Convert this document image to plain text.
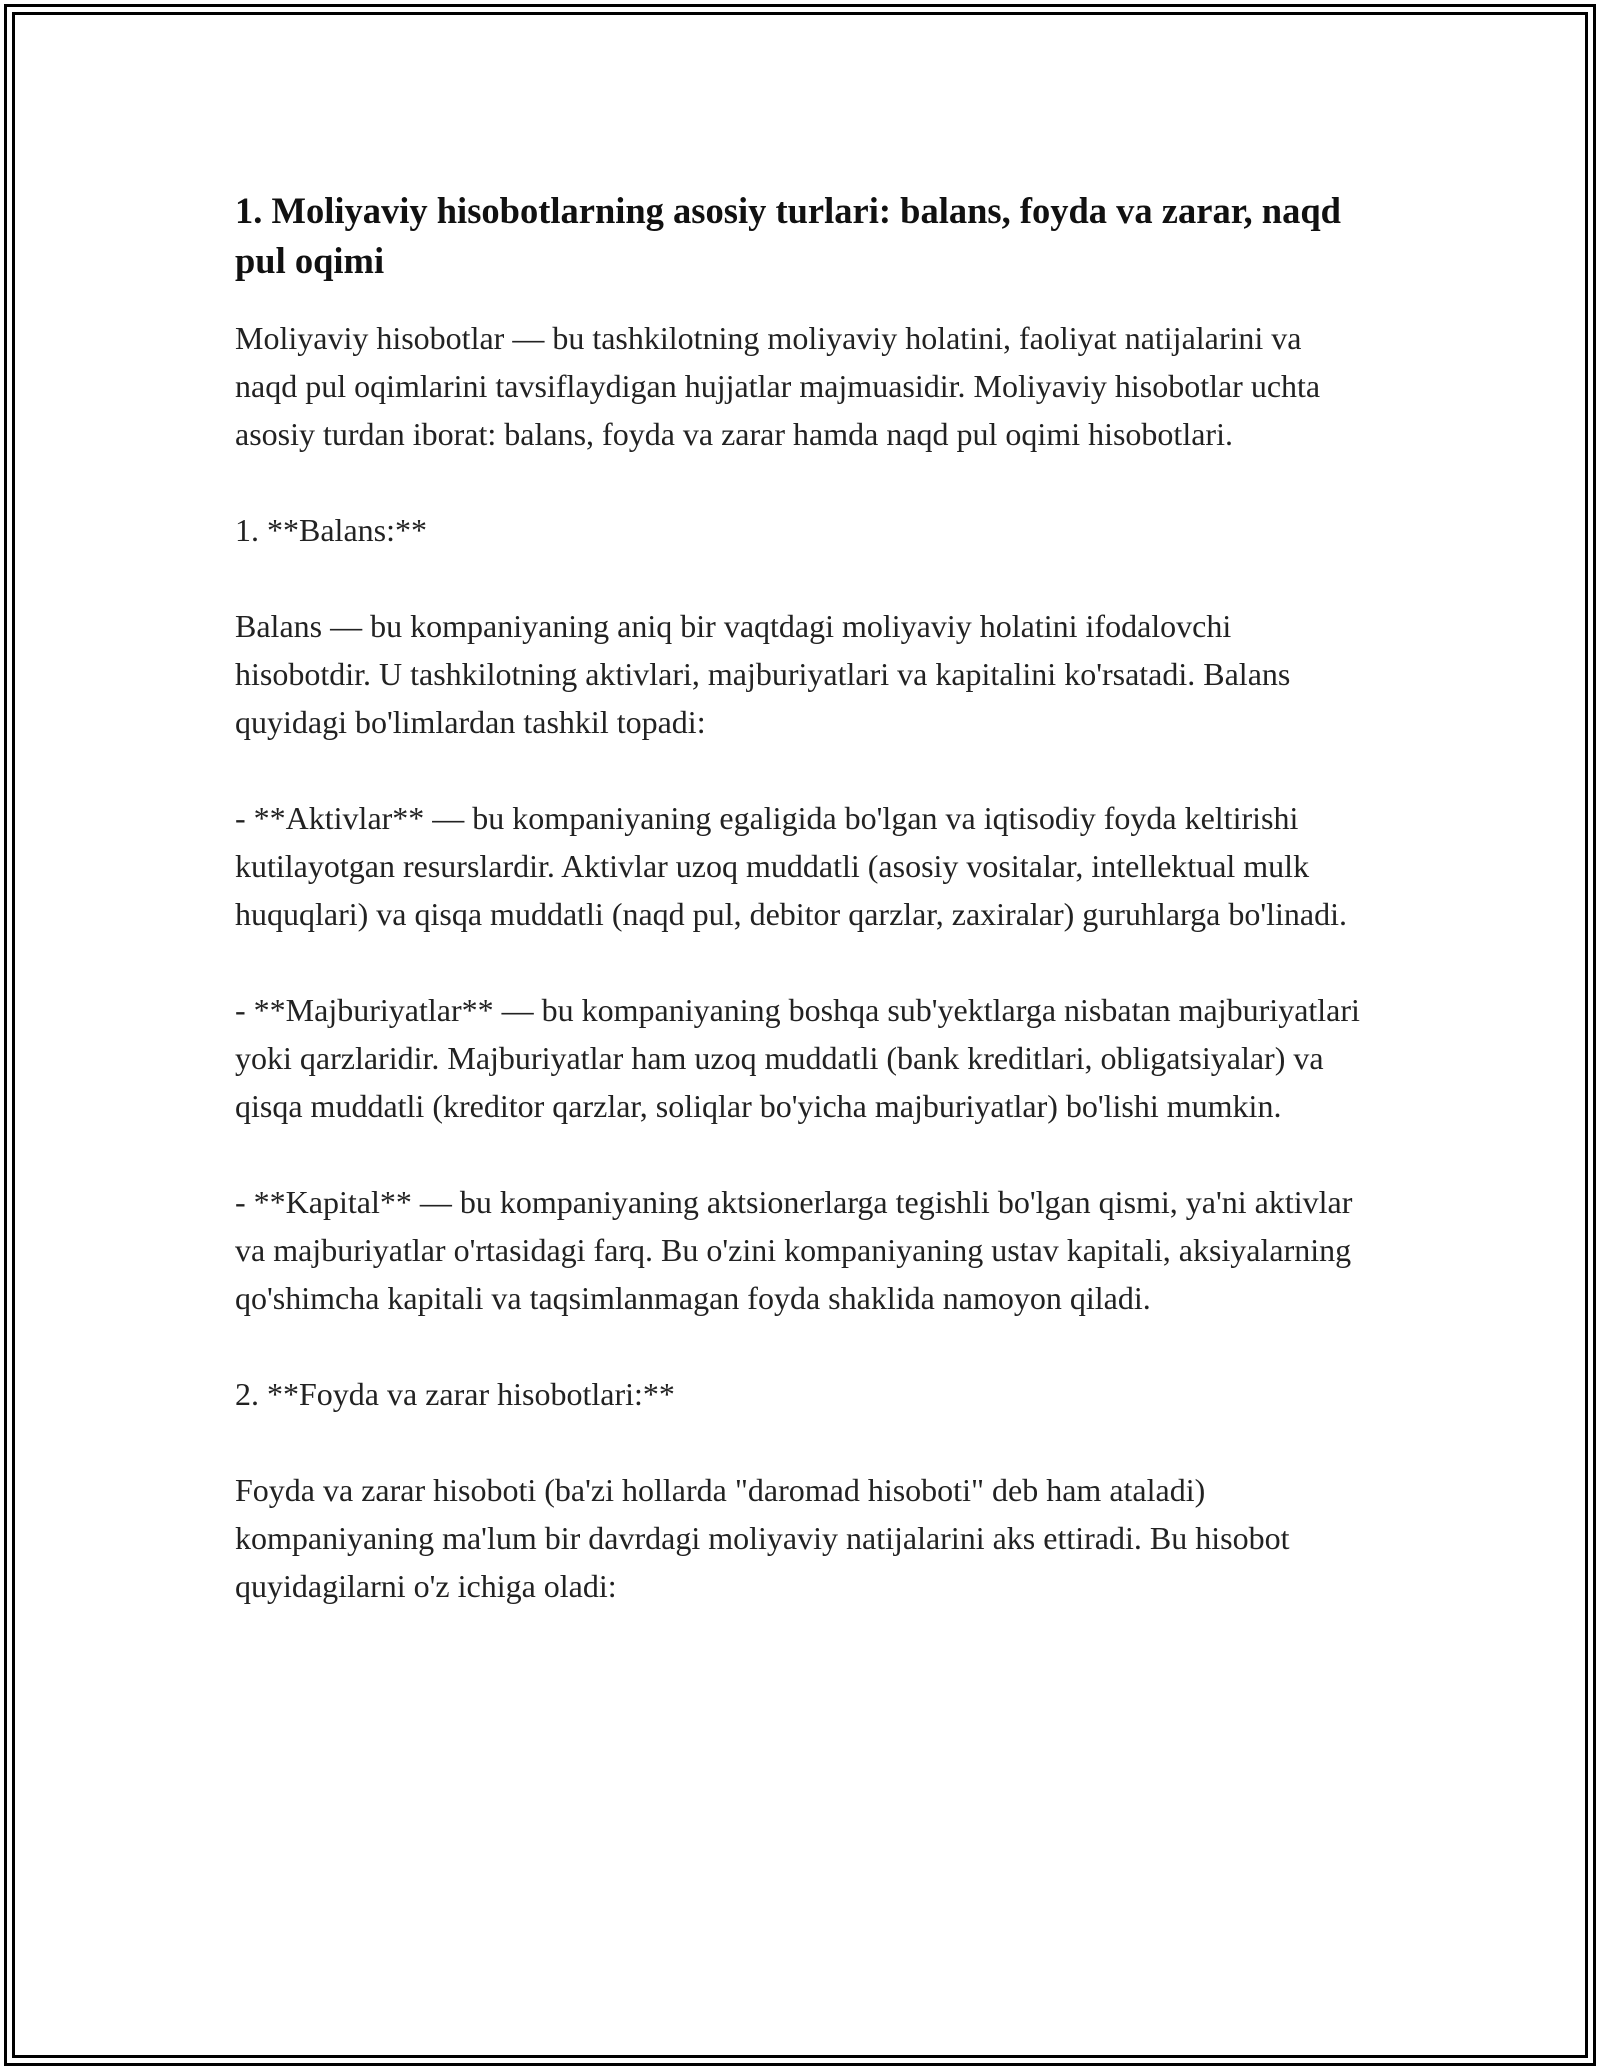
1. Moliyaviy hisobotlarning asosiy turlari: balans, foyda va zarar, naqd pul oqimi

Moliyaviy hisobotlar — bu tashkilotning moliyaviy holatini, faoliyat natijalarini va naqd pul oqimlarini tavsiflaydigan hujjatlar majmuasidir. Moliyaviy hisobotlar uchta asosiy turdan iborat: balans, foyda va zarar hamda naqd pul oqimi hisobotlari.

1. **Balans:**

Balans — bu kompaniyaning aniq bir vaqtdagi moliyaviy holatini ifodalovchi hisobotdir. U tashkilotning aktivlari, majburiyatlari va kapitalini ko'rsatadi. Balans quyidagi bo'limlardan tashkil topadi:

- **Aktivlar** — bu kompaniyaning egaligida bo'lgan va iqtisodiy foyda keltirishi kutilayotgan resurslardir. Aktivlar uzoq muddatli (asosiy vositalar, intellektual mulk huquqlari) va qisqa muddatli (naqd pul, debitor qarzlar, zaxiralar) guruhlarga bo'linadi.

- **Majburiyatlar** — bu kompaniyaning boshqa sub'yektlarga nisbatan majburiyatlari yoki qarzlaridir. Majburiyatlar ham uzoq muddatli (bank kreditlari, obligatsiyalar) va qisqa muddatli (kreditor qarzlar, soliqlar bo'yicha majburiyatlar) bo'lishi mumkin.

- **Kapital** — bu kompaniyaning aktsionerlarga tegishli bo'lgan qismi, ya'ni aktivlar va majburiyatlar o'rtasidagi farq. Bu o'zini kompaniyaning ustav kapitali, aksiyalarning qo'shimcha kapitali va taqsimlanmagan foyda shaklida namoyon qiladi.

2. **Foyda va zarar hisobotlari:**

Foyda va zarar hisoboti (ba'zi hollarda "daromad hisoboti" deb ham ataladi) kompaniyaning ma'lum bir davrdagi moliyaviy natijalarini aks ettiradi. Bu hisobot quyidagilarni o'z ichiga oladi:
